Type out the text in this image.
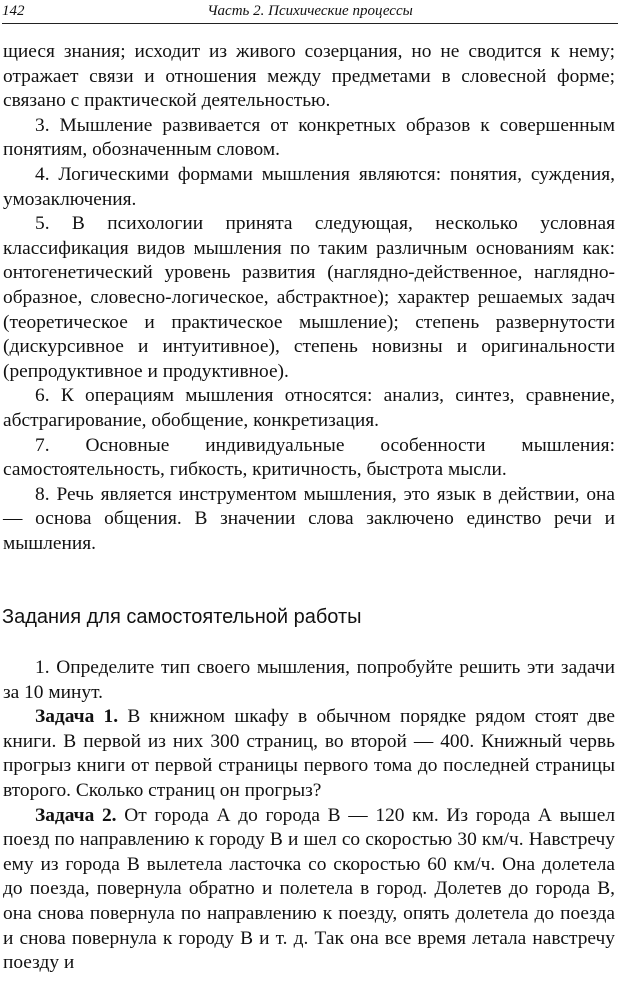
142	Часть 2. Психические процессы

щиеся знания; исходит из живого созерцания, но не сводится к нему; отражает связи и отношения между предметами в словесной форме; связано с практической деятельностью.

3. Мышление развивается от конкретных образов к совершенным понятиям, обозначенным словом.

4. Логическими формами мышления являются: понятия, суждения, умозаключения.

5. В психологии принята следующая, несколько условная классификация видов мышления по таким различным основаниям как: онтогенетический уровень развития (наглядно-действенное, наглядно-образное, словесно-логическое, абстрактное); характер решаемых задач (теоретическое и практическое мышление); степень развернутости (дискурсивное и интуитивное), степень новизны и оригинальности (репродуктивное и продуктивное).

6. К операциям мышления относятся: анализ, синтез, сравнение, абстрагирование, обобщение, конкретизация.

7. Основные индивидуальные особенности мышления: самостоятельность, гибкость, критичность, быстрота мысли.

8. Речь является инструментом мышления, это язык в действии, она — основа общения. В значении слова заключено единство речи и мышления.

Задания для самостоятельной работы

1. Определите тип своего мышления, попробуйте решить эти задачи за 10 минут.

Задача 1. В книжном шкафу в обычном порядке рядом стоят две книги. В первой из них 300 страниц, во второй — 400. Книжный червь прогрыз книги от первой страницы первого тома до последней страницы второго. Сколько страниц он прогрыз?

Задача 2. От города А до города В — 120 км. Из города А вышел поезд по направлению к городу В и шел со скоростью 30 км/ч. Навстречу ему из города В вылетела ласточка со скоростью 60 км/ч. Она долетела до поезда, повернула обратно и полетела в город. Долетев до города В, она снова повернула по направлению к поезду, опять долетела до поезда и снова повернула к городу В и т. д. Так она все время летала навстречу поезду и
